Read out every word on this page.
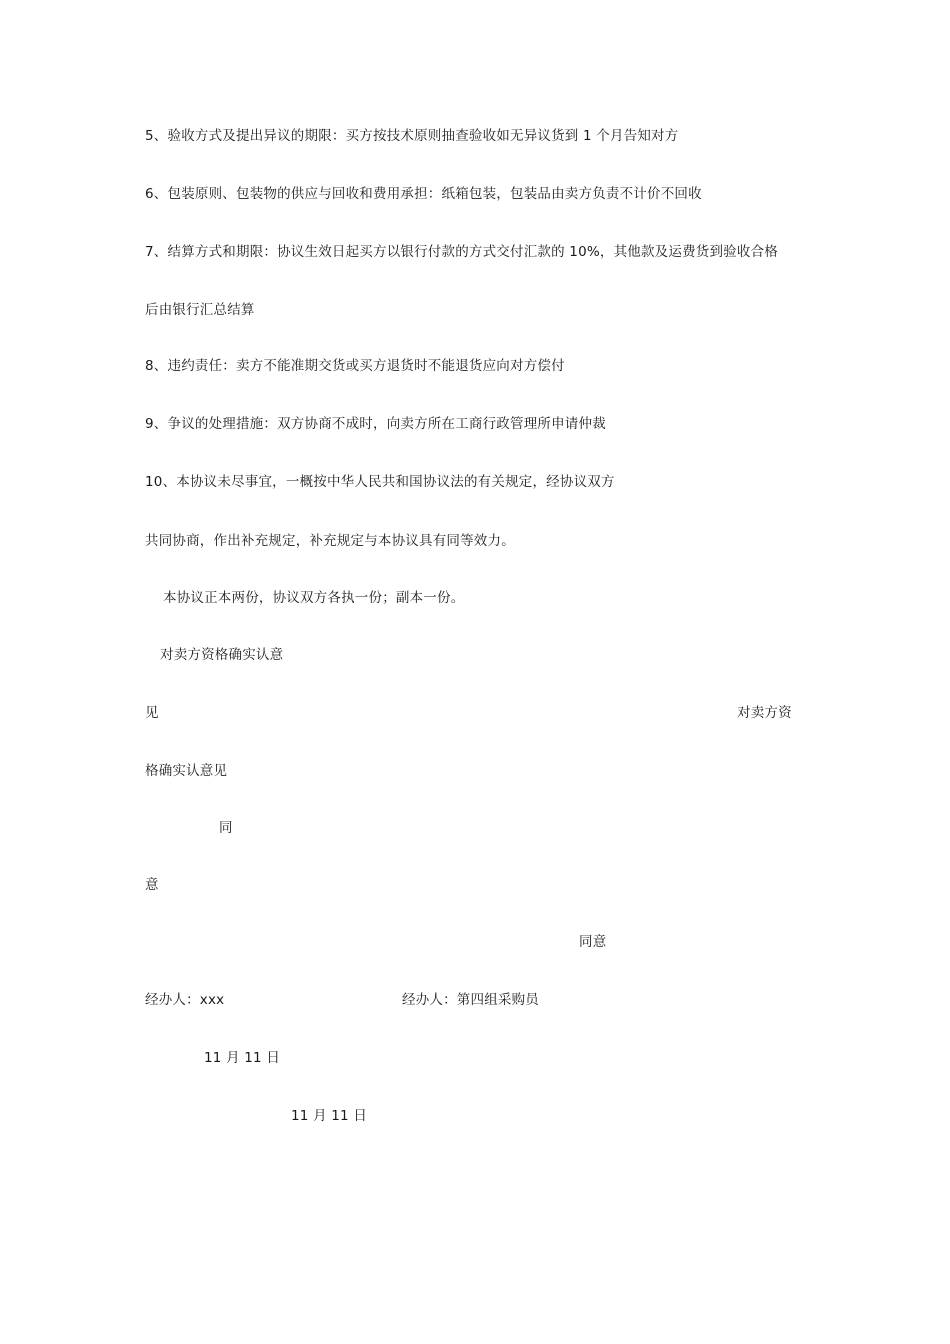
5、验收方式及提出异议的期限：买方按技术原则抽查验收如无异议货到 1 个月告知对方
6、包装原则、包装物的供应与回收和费用承担：纸箱包装，包装品由卖方负责不计价不回收
7、结算方式和期限：协议生效日起买方以银行付款的方式交付汇款的 10%，其他款及运费货到验收合格
后由银行汇总结算
8、违约责任：卖方不能准期交货或买方退货时不能退货应向对方偿付
9、争议的处理措施：双方协商不成时，向卖方所在工商行政管理所申请仲裁
10、本协议未尽事宜，一概按中华人民共和国协议法的有关规定，经协议双方
共同协商，作出补充规定，补充规定与本协议具有同等效力。
本协议正本两份，协议双方各执一份；副本一份。
对卖方资格确实认意
见	对卖方资
格确实认意见
同
意
同意
经办人：xxx	经办人：第四组采购员
11 月 11 日
11 月 11 日
